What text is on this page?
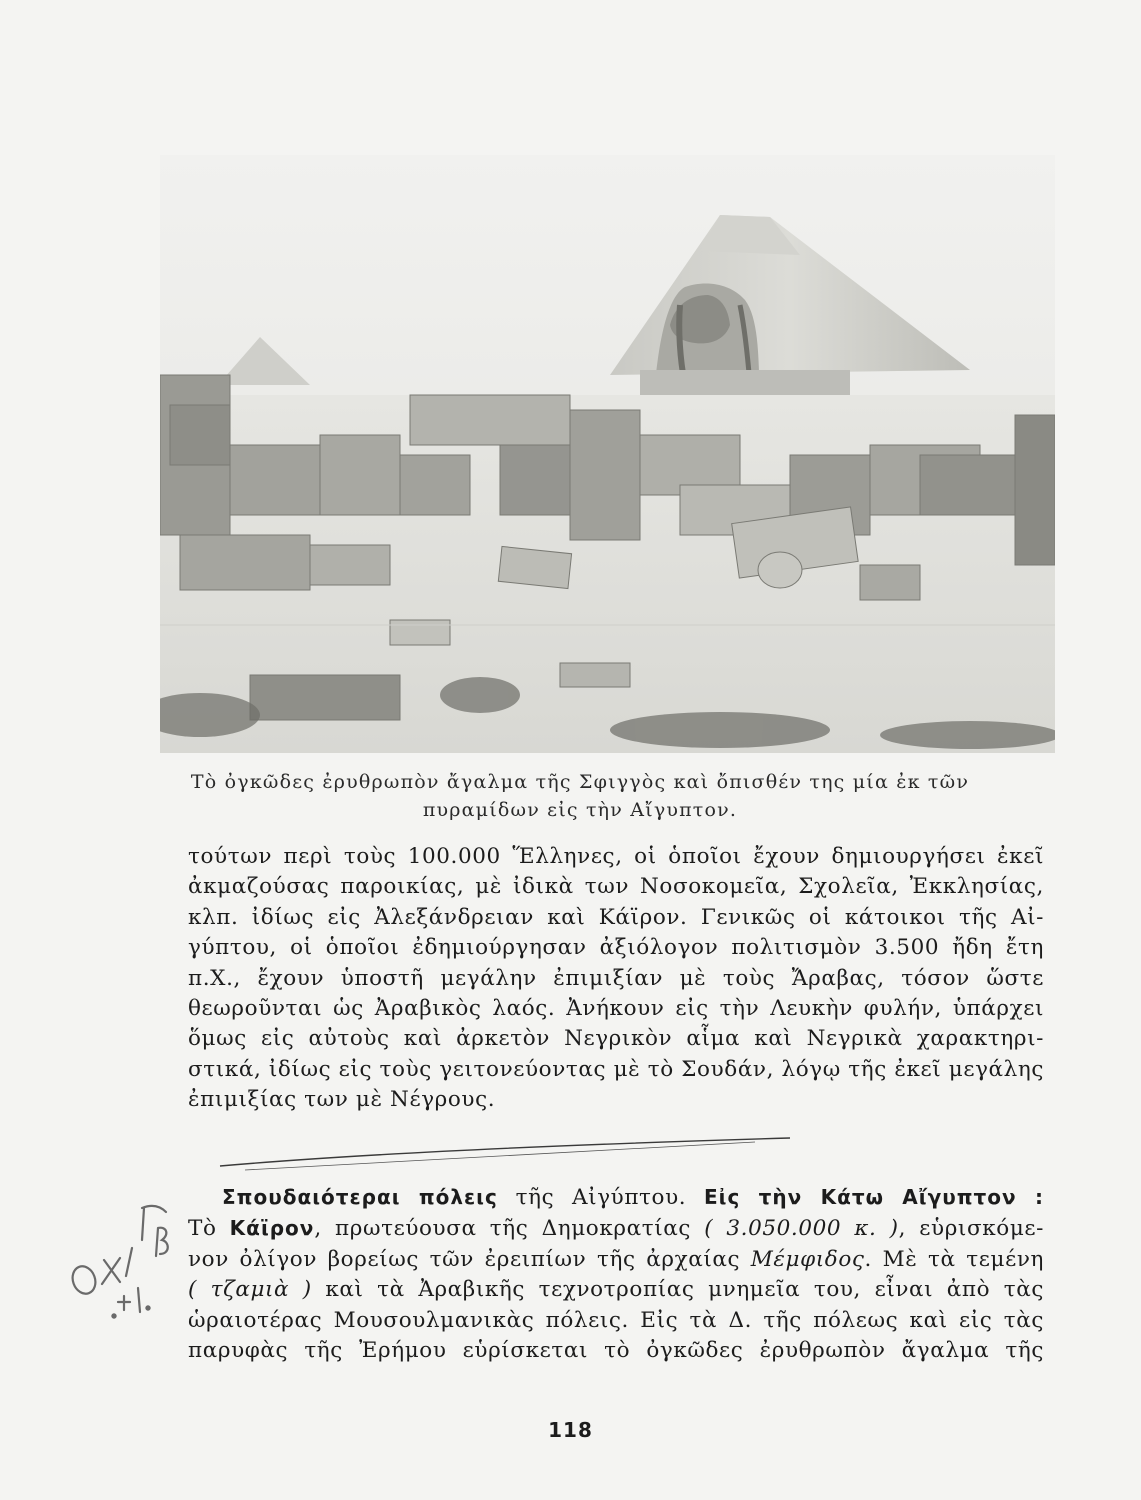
Τὸ ὀγκῶδες ἐρυθρωπὸν ἄγαλμα τῆς Σφιγγὸς καὶ ὄπισθέν της μία ἐκ τῶν
πυραμίδων εἰς τὴν Αἴγυπτον.
τούτων περὶ τοὺς 100.000 Ἕλληνες, οἱ ὁποῖοι ἔχουν δημιουργήσει ἐκεῖ
ἀκμαζούσας παροικίας, μὲ ἰδικὰ των Νοσοκομεῖα, Σχολεῖα, Ἐκκλησίας,
κλπ. ἰδίως εἰς Ἀλεξάνδρειαν καὶ Κάϊρον. Γενικῶς οἱ κάτοικοι τῆς Αἰ-
γύπτου, οἱ ὁποῖοι ἐδημιούργησαν ἀξιόλογον πολιτισμὸν 3.500 ἤδη ἔτη
π.Χ., ἔχουν ὑποστῆ μεγάλην ἐπιμιξίαν μὲ τοὺς Ἄραβας, τόσον ὥστε
θεωροῦνται ὡς Ἀραβικὸς λαός. Ἀνήκουν εἰς τὴν Λευκὴν φυλήν, ὑπάρχει
ὅμως εἰς αὐτοὺς καὶ ἀρκετὸν Νεγρικὸν αἷμα καὶ Νεγρικὰ χαρακτηρι-
στικά, ἰδίως εἰς τοὺς γειτονεύοντας μὲ τὸ Σουδάν, λόγῳ τῆς ἐκεῖ μεγάλης
ἐπιμιξίας των μὲ Νέγρους.
Σπουδαιότεραι πόλεις τῆς Αἰγύπτου. Εἰς τὴν Κάτω Αἴγυπτον :
Τὸ Κάϊρον, πρωτεύουσα τῆς Δημοκρατίας ( 3.050.000 κ. ), εὑρισκόμε-
νον ὀλίγον βορείως τῶν ἐρειπίων τῆς ἀρχαίας Μέμφιδος. Μὲ τὰ τεμένη
( τζαμιὰ ) καὶ τὰ Ἀραβικῆς τεχνοτροπίας μνημεῖα του, εἶναι ἀπὸ τὰς
ὡραιοτέρας Μουσουλμανικὰς πόλεις. Εἰς τὰ Δ. τῆς πόλεως καὶ εἰς τὰς
παρυφὰς τῆς Ἐρήμου εὑρίσκεται τὸ ὀγκῶδες ἐρυθρωπὸν ἄγαλμα τῆς
118
